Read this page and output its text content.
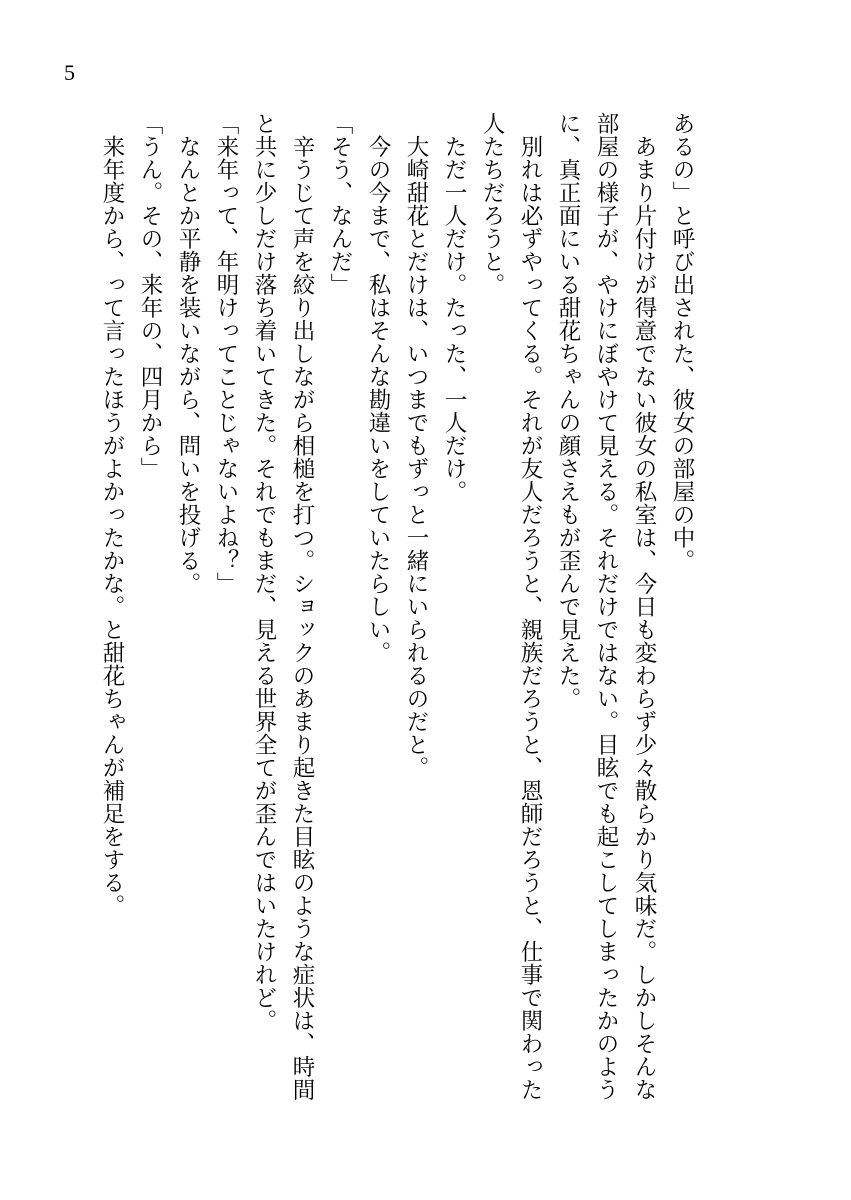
5
あるの」と呼び出された、彼女の部屋の中。
　あまり片付けが得意でない彼女の私室は、今日も変わらず少々散らかり気味だ。しかしそんな
部屋の様子が、やけにぼやけて見える。それだけではない。目眩でも起こしてしまったかのよう
に、真正面にいる甜花ちゃんの顔さえもが歪んで見えた。
　別れは必ずやってくる。それが友人だろうと、親族だろうと、恩師だろうと、仕事で関わった
人たちだろうと。
　ただ一人だけ。たった、一人だけ。
　大崎甜花とだけは、いつまでもずっと一緒にいられるのだと。
　今の今まで、私はそんな勘違いをしていたらしい。
「そう、なんだ」
　辛うじて声を絞り出しながら相槌を打つ。ショックのあまり起きた目眩のような症状は、時間
と共に少しだけ落ち着いてきた。それでもまだ、見える世界全てが歪んではいたけれど。
「来年って、年明けってことじゃないよね？」
　なんとか平静を装いながら、問いを投げる。
「うん。その、来年の、四月から」
　来年度から、って言ったほうがよかったかな。と甜花ちゃんが補足をする。
